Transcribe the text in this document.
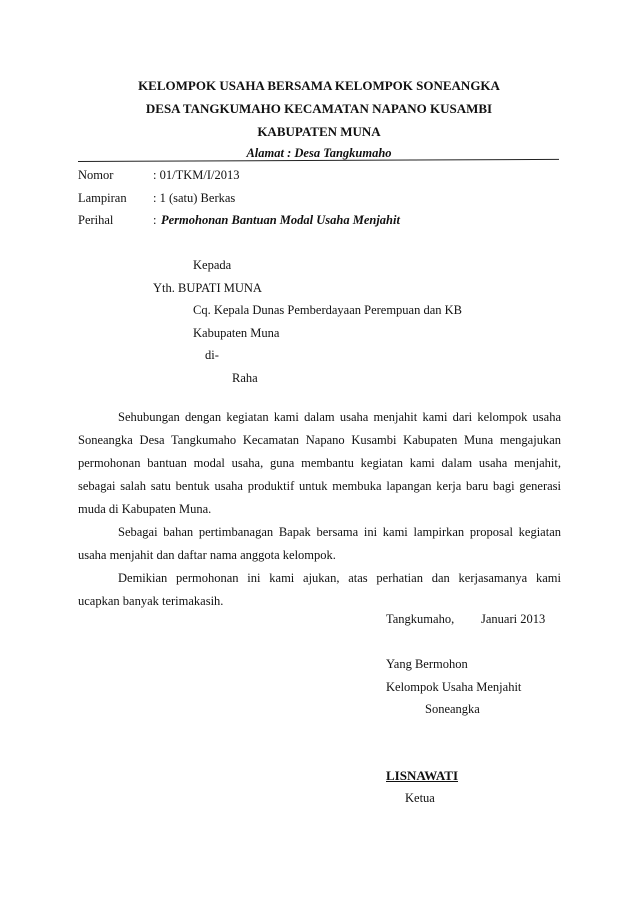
KELOMPOK USAHA BERSAMA KELOMPOK SONEANGKA
DESA TANGKUMAHO KECAMATAN NAPANO KUSAMBI
KABUPATEN MUNA
Alamat : Desa Tangkumaho
Nomor	: 01/TKM/I/2013
Lampiran : 1 (satu) Berkas
Perihal	: Permohonan Bantuan Modal Usaha Menjahit
Kepada
Yth. BUPATI MUNA
Cq. Kepala Dunas Pemberdayaan Perempuan dan KB
Kabupaten Muna
di-
Raha
Sehubungan dengan kegiatan kami dalam usaha menjahit kami dari kelompok usaha
Soneangka Desa Tangkumaho Kecamatan Napano Kusambi Kabupaten Muna mengajukan
permohonan bantuan modal usaha, guna membantu kegiatan kami dalam usaha menjahit,
sebagai salah satu bentuk usaha produktif untuk membuka lapangan kerja baru bagi generasi
muda di Kabupaten Muna.
Sebagai bahan pertimbanagan Bapak bersama ini kami lampirkan proposal kegiatan
usaha menjahit dan daftar nama anggota kelompok.
Demikian permohonan ini kami ajukan, atas perhatian dan kerjasamanya kami
ucapkan banyak terimakasih.
Tangkumaho, Januari 2013
Yang Bermohon
Kelompok Usaha Menjahit
Soneangka
LISNAWATI
Ketua
